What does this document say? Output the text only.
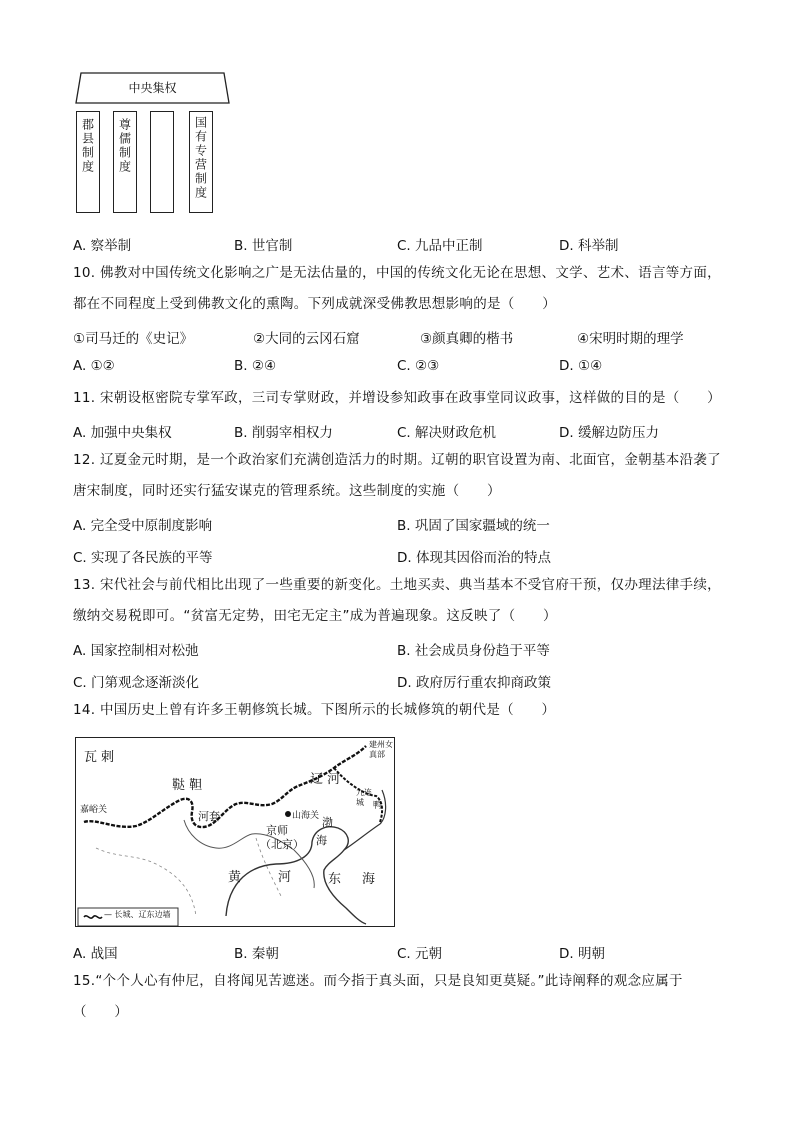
中央集权
郡县制度 尊儒制度	国有专营制度
A. 察举制	B. 世官制	C. 九品中正制	D. 科举制
10. 佛教对中国传统文化影响之广是无法估量的，中国的传统文化无论在思想、文学、艺术、语言等方面，
都在不同程度上受到佛教文化的熏陶。下列成就深受佛教思想影响的是（　　）
①司马迁的《史记》	②大同的云冈石窟	③颜真卿的楷书	④宋明时期的理学
A. ①②	B. ②④	C. ②③	D. ①④
11. 宋朝设枢密院专掌军政，三司专掌财政，并增设参知政事在政事堂同议政事，这样做的目的是（　　）
A. 加强中央集权	B. 削弱宰相权力	C. 解决财政危机	D. 缓解边防压力
12. 辽夏金元时期，是一个政治家们充满创造活力的时期。辽朝的职官设置为南、北面官，金朝基本沿袭了
唐宋制度，同时还实行猛安谋克的管理系统。这些制度的实施（　　）
A. 完全受中原制度影响	B. 巩固了国家疆域的统一
C. 实现了各民族的平等	D. 体现其因俗而治的特点
13. 宋代社会与前代相比出现了一些重要的新变化。土地买卖、典当基本不受官府干预，仅办理法律手续，
缴纳交易税即可。“贫富无定势，田宅无定主”成为普遍现象。这反映了（　　）
A. 国家控制相对松弛	B. 社会成员身份趋于平等
C. 门第观念逐渐淡化	D. 政府厉行重农抑商政策
14. 中国历史上曾有许多王朝修筑长城。下图所示的长城修筑的朝代是（　　）
瓦 剌
鞑 靼
嘉峪关	河套
辽 河
建州女真部
九连城
山海关
京师
（北京）
渤
海
黄	河	东 海
鸭
— 长城、辽东边墙
A. 战国	B. 秦朝	C. 元朝	D. 明朝
15.“个个人心有仲尼，自将闻见苦遮迷。而今指于真头面，只是良知更莫疑。”此诗阐释的观念应属于
（　　）
